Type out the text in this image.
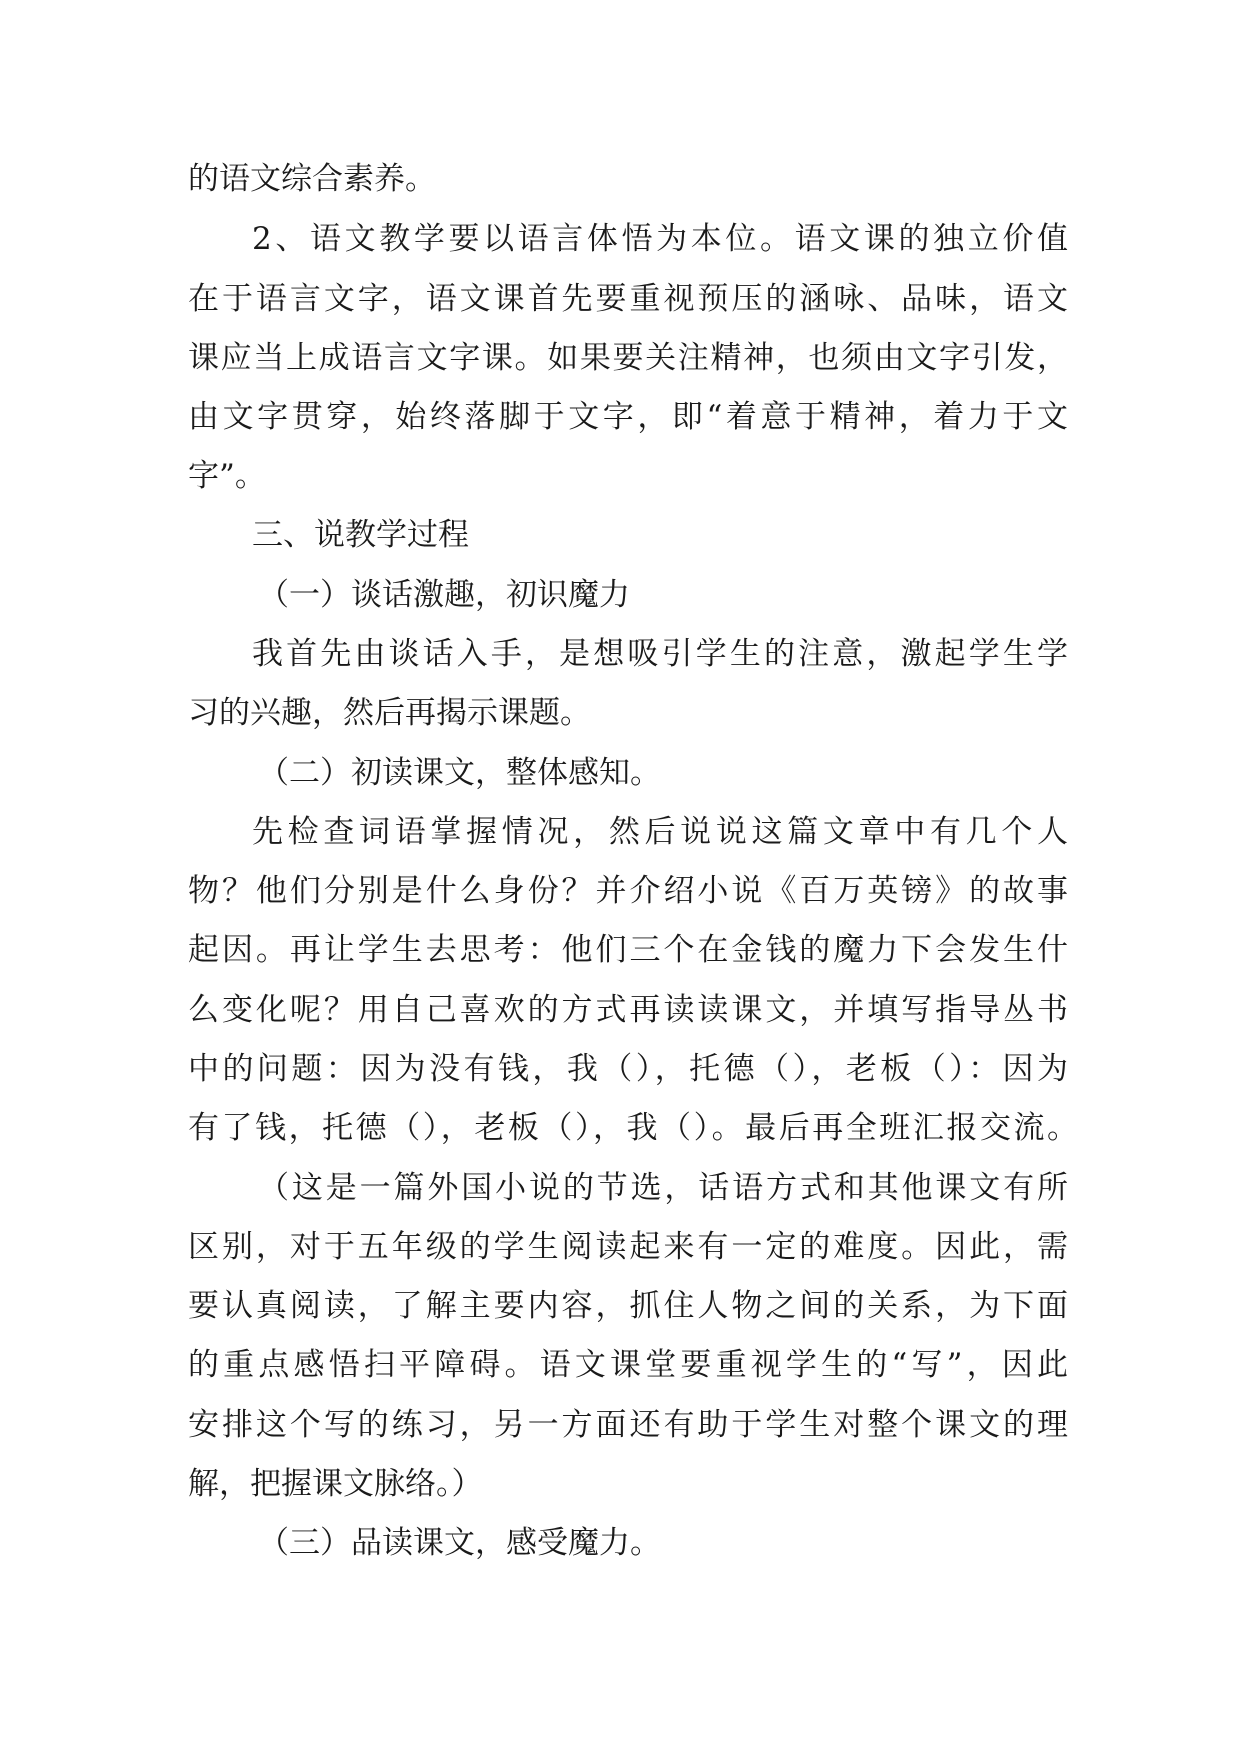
的语文综合素养。
2、语文教学要以语言体悟为本位。语文课的独立价值
在于语言文字，语文课首先要重视预压的涵咏、品味，语文
课应当上成语言文字课。如果要关注精神，也须由文字引发，
由文字贯穿，始终落脚于文字，即“着意于精神，着力于文
字”。
三、说教学过程
（一）谈话激趣，初识魔力
我首先由谈话入手，是想吸引学生的注意，激起学生学
习的兴趣，然后再揭示课题。
（二）初读课文，整体感知。
先检查词语掌握情况，然后说说这篇文章中有几个人
物？他们分别是什么身份？并介绍小说《百万英镑》的故事
起因。再让学生去思考：他们三个在金钱的魔力下会发生什
么变化呢？用自己喜欢的方式再读读课文，并填写指导丛书
中的问题：因为没有钱，我（），托德（），老板（）：因为
有了钱，托德（），老板（），我（）。最后再全班汇报交流。
（这是一篇外国小说的节选，话语方式和其他课文有所
区别，对于五年级的学生阅读起来有一定的难度。因此，需
要认真阅读，了解主要内容，抓住人物之间的关系，为下面
的重点感悟扫平障碍。语文课堂要重视学生的“写”，因此
安排这个写的练习，另一方面还有助于学生对整个课文的理
解，把握课文脉络。）
（三）品读课文，感受魔力。
